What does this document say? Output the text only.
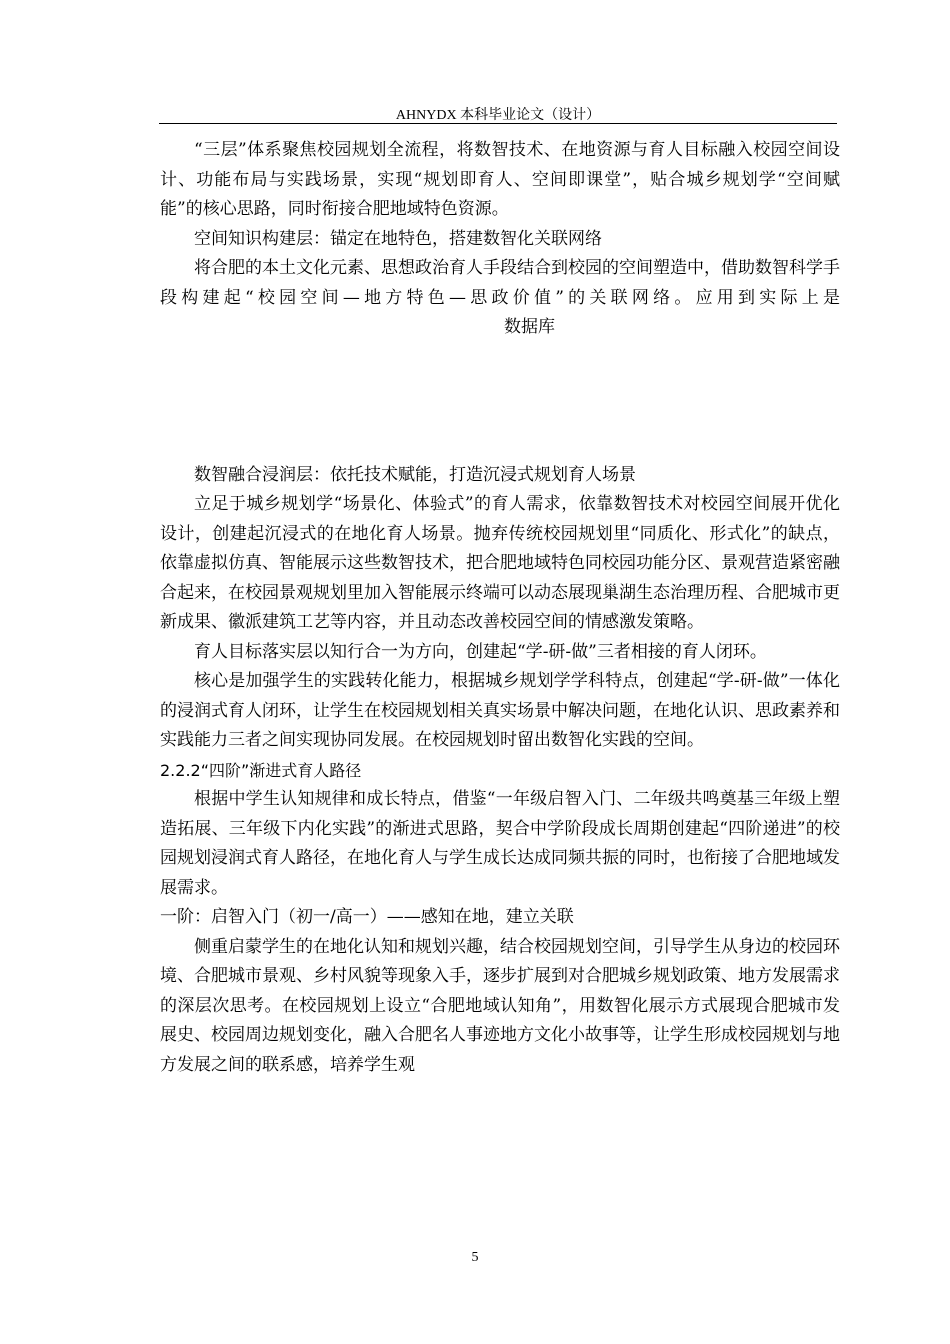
AHNYDX 本科毕业论文（设计）

“三层”体系聚焦校园规划全流程，将数智技术、在地资源与育人目标融入校园空间设计、功能布局与实践场景，实现“规划即育人、空间即课堂”，贴合城乡规划学“空间赋能”的核心思路，同时衔接合肥地域特色资源。

空间知识构建层：锚定在地特色，搭建数智化关联网络

将合肥的本土文化元素、思想政治育人手段结合到校园的空间塑造中，借助数智科学手段构建起“校园空间—地方特色—思政价值”的关联网络。应用到实际上是数据库

数智融合浸润层：依托技术赋能，打造沉浸式规划育人场景

立足于城乡规划学“场景化、体验式”的育人需求，依靠数智技术对校园空间展开优化设计，创建起沉浸式的在地化育人场景。抛弃传统校园规划里“同质化、形式化”的缺点，依靠虚拟仿真、智能展示这些数智技术，把合肥地域特色同校园功能分区、景观营造紧密融合起来，在校园景观规划里加入智能展示终端可以动态展现巢湖生态治理历程、合肥城市更新成果、徽派建筑工艺等内容，并且动态改善校园空间的情感激发策略。

育人目标落实层以知行合一为方向，创建起“学-研-做”三者相接的育人闭环。

核心是加强学生的实践转化能力，根据城乡规划学学科特点，创建起“学-研-做”一体化的浸润式育人闭环，让学生在校园规划相关真实场景中解决问题，在地化认识、思政素养和实践能力三者之间实现协同发展。在校园规划时留出数智化实践的空间。

2.2.2“四阶”渐进式育人路径

根据中学生认知规律和成长特点，借鉴“一年级启智入门、二年级共鸣奠基三年级上塑造拓展、三年级下内化实践”的渐进式思路，契合中学阶段成长周期创建起“四阶递进”的校园规划浸润式育人路径，在地化育人与学生成长达成同频共振的同时，也衔接了合肥地域发展需求。

一阶：启智入门（初一/高一）——感知在地，建立关联

侧重启蒙学生的在地化认知和规划兴趣，结合校园规划空间，引导学生从身边的校园环境、合肥城市景观、乡村风貌等现象入手，逐步扩展到对合肥城乡规划政策、地方发展需求的深层次思考。在校园规划上设立“合肥地域认知角”，用数智化展示方式展现合肥城市发展史、校园周边规划变化，融入合肥名人事迹地方文化小故事等，让学生形成校园规划与地方发展之间的联系感，培养学生观

5
